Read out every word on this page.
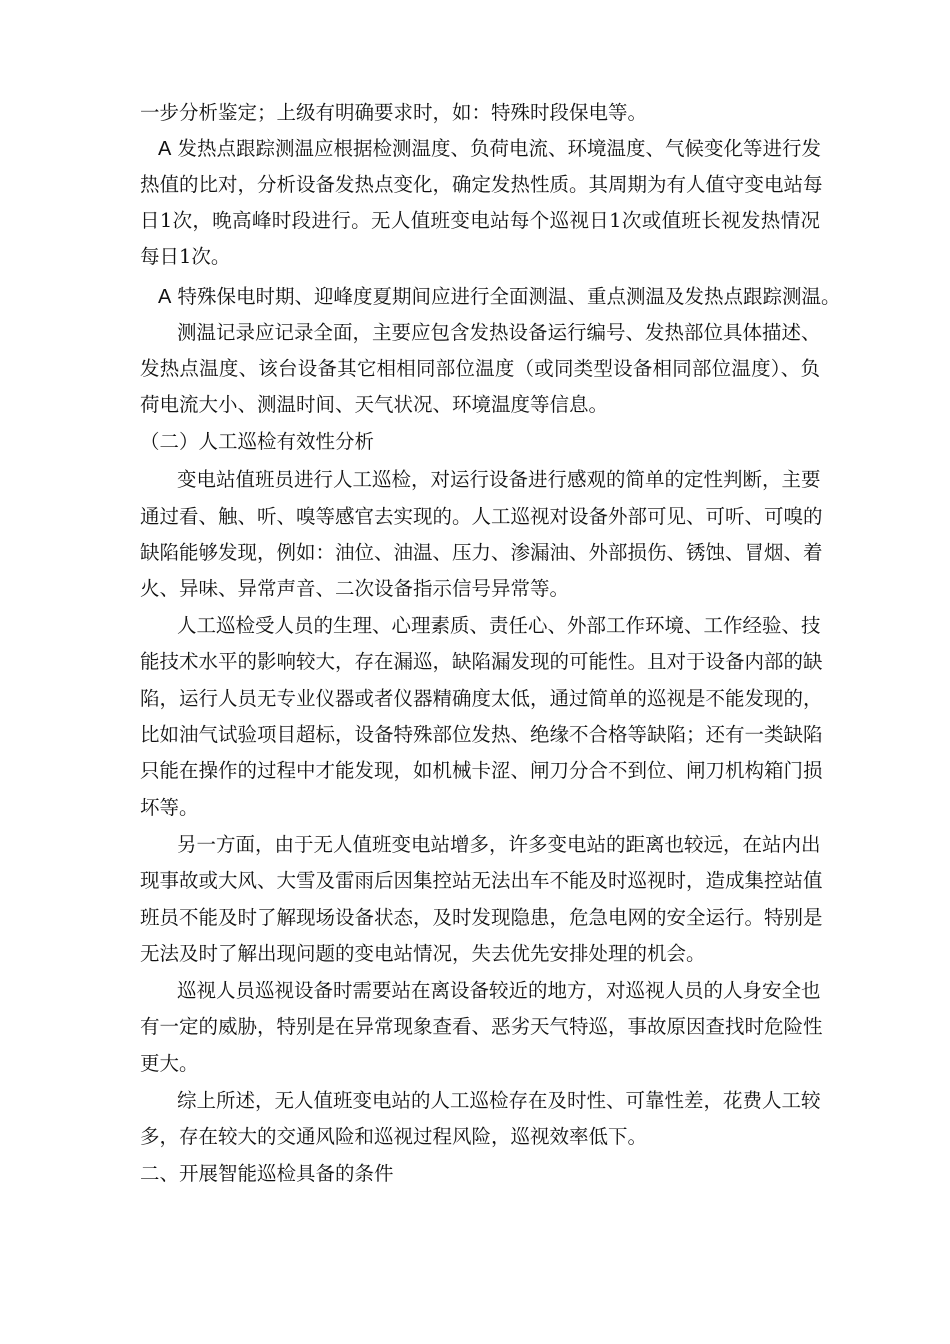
一步分析鉴定；上级有明确要求时，如：特殊时段保电等。
A 发热点跟踪测温应根据检测温度、负荷电流、环境温度、气候变化等进行发
热值的比对，分析设备发热点变化，确定发热性质。其周期为有人值守变电站每
日1次，晚高峰时段进行。无人值班变电站每个巡视日1次或值班长视发热情况
每日1次。
A 特殊保电时期、迎峰度夏期间应进行全面测温、重点测温及发热点跟踪测温。
测温记录应记录全面，主要应包含发热设备运行编号、发热部位具体描述、
发热点温度、该台设备其它相相同部位温度（或同类型设备相同部位温度）、负
荷电流大小、测温时间、天气状况、环境温度等信息。
（二）人工巡检有效性分析
变电站值班员进行人工巡检，对运行设备进行感观的简单的定性判断，主要
通过看、触、听、嗅等感官去实现的。人工巡视对设备外部可见、可听、可嗅的
缺陷能够发现，例如：油位、油温、压力、渗漏油、外部损伤、锈蚀、冒烟、着
火、异味、异常声音、二次设备指示信号异常等。
人工巡检受人员的生理、心理素质、责任心、外部工作环境、工作经验、技
能技术水平的影响较大，存在漏巡，缺陷漏发现的可能性。且对于设备内部的缺
陷，运行人员无专业仪器或者仪器精确度太低，通过简单的巡视是不能发现的，
比如油气试验项目超标，设备特殊部位发热、绝缘不合格等缺陷；还有一类缺陷
只能在操作的过程中才能发现，如机械卡涩、闸刀分合不到位、闸刀机构箱门损
坏等。
另一方面，由于无人值班变电站增多，许多变电站的距离也较远，在站内出
现事故或大风、大雪及雷雨后因集控站无法出车不能及时巡视时，造成集控站值
班员不能及时了解现场设备状态，及时发现隐患，危急电网的安全运行。特别是
无法及时了解出现问题的变电站情况，失去优先安排处理的机会。
巡视人员巡视设备时需要站在离设备较近的地方，对巡视人员的人身安全也
有一定的威胁，特别是在异常现象查看、恶劣天气特巡，事故原因查找时危险性
更大。
综上所述，无人值班变电站的人工巡检存在及时性、可靠性差，花费人工较
多，存在较大的交通风险和巡视过程风险，巡视效率低下。
二、开展智能巡检具备的条件
